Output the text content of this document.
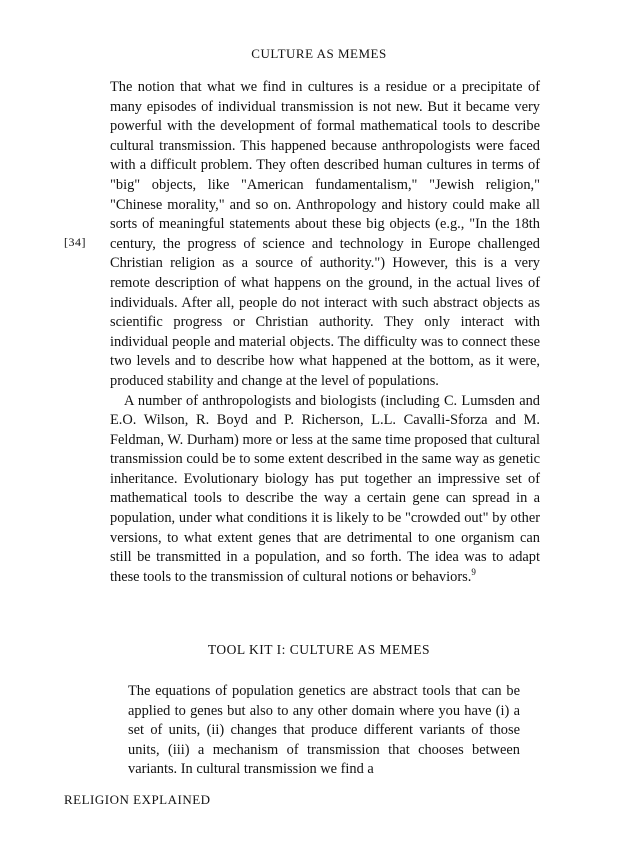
CULTURE AS MEMES
[34]

The notion that what we find in cultures is a residue or a precipitate of many episodes of individual transmission is not new. But it became very powerful with the development of formal mathematical tools to describe cultural transmission. This happened because anthropologists were faced with a difficult problem. They often described human cultures in terms of "big" objects, like "American fundamentalism," "Jewish religion," "Chinese morality," and so on. Anthropology and history could make all sorts of meaningful statements about these big objects (e.g., "In the 18th century, the progress of science and technology in Europe challenged Christian religion as a source of authority.") However, this is a very remote description of what happens on the ground, in the actual lives of individuals. After all, people do not interact with such abstract objects as scientific progress or Christian authority. They only interact with individual people and material objects. The difficulty was to connect these two levels and to describe how what happened at the bottom, as it were, produced stability and change at the level of populations.

A number of anthropologists and biologists (including C. Lumsden and E.O. Wilson, R. Boyd and P. Richerson, L.L. Cavalli-Sforza and M. Feldman, W. Durham) more or less at the same time proposed that cultural transmission could be to some extent described in the same way as genetic inheritance. Evolutionary biology has put together an impressive set of mathematical tools to describe the way a certain gene can spread in a population, under what conditions it is likely to be "crowded out" by other versions, to what extent genes that are detrimental to one organism can still be transmitted in a population, and so forth. The idea was to adapt these tools to the transmission of cultural notions or behaviors.$^9$

TOOL KIT I: CULTURE AS MEMES

The equations of population genetics are abstract tools that can be applied to genes but also to any other domain where you have (i) a set of units, (ii) changes that produce different variants of those units, (iii) a mechanism of transmission that chooses between variants. In cultural transmission we find a

RELIGION EXPLAINED
